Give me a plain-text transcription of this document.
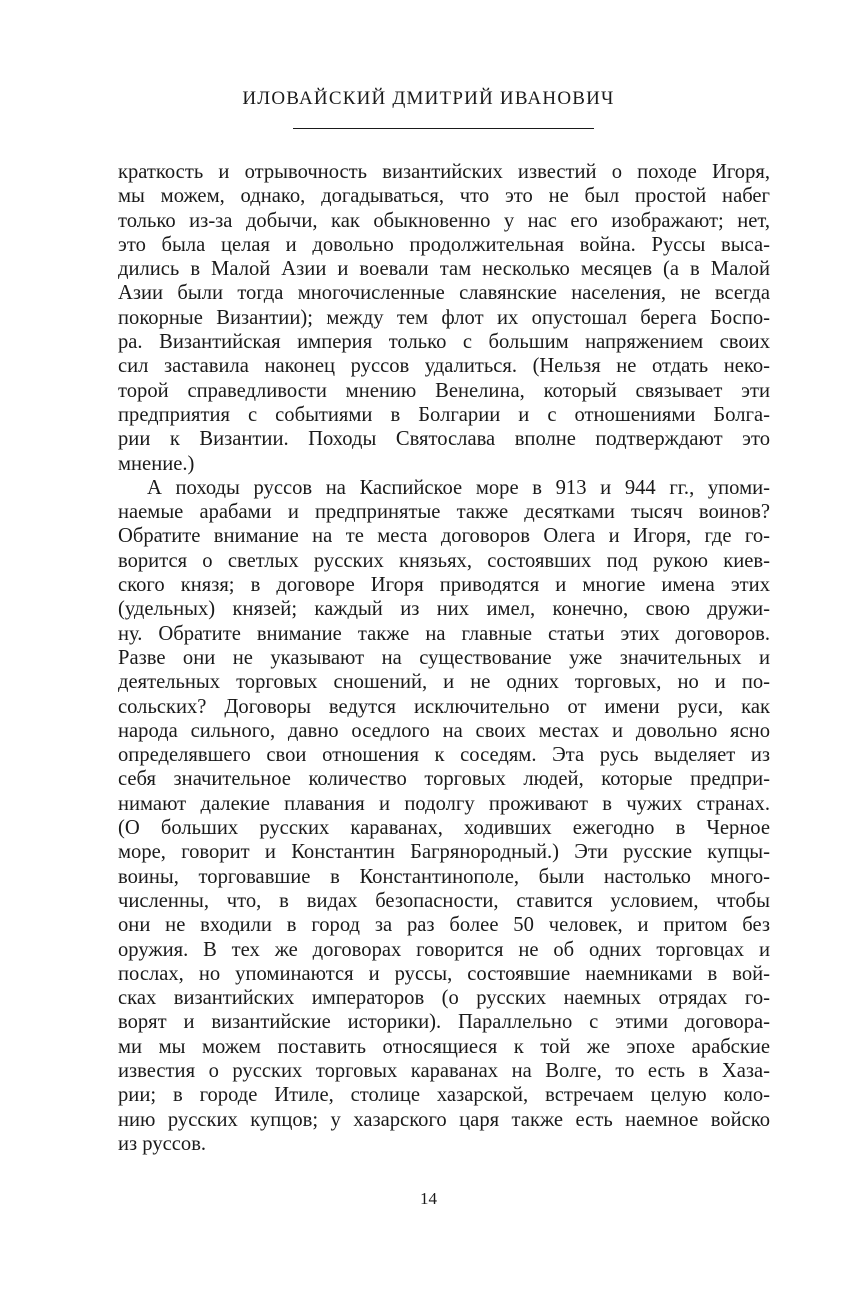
ИЛОВАЙСКИЙ ДМИТРИЙ ИВАНОВИЧ
краткость и отрывочность византийских известий о походе Игоря,
мы можем, однако, догадываться, что это не был простой набег
только из-за добычи, как обыкновенно у нас его изображают; нет,
это была целая и довольно продолжительная война. Руссы выса-
дились в Малой Азии и воевали там несколько месяцев (а в Малой
Азии были тогда многочисленные славянские населения, не всегда
покорные Византии); между тем флот их опустошал берега Боспо-
ра. Византийская империя только с большим напряжением своих
сил заставила наконец руссов удалиться. (Нельзя не отдать неко-
торой справедливости мнению Венелина, который связывает эти
предприятия с событиями в Болгарии и с отношениями Болга-
рии к Византии. Походы Святослава вполне подтверждают это
мнение.)
А походы руссов на Каспийское море в 913 и 944 гг., упоми-
наемые арабами и предпринятые также десятками тысяч воинов?
Обратите внимание на те места договоров Олега и Игоря, где го-
ворится о светлых русских князьях, состоявших под рукою киев-
ского князя; в договоре Игоря приводятся и многие имена этих
(удельных) князей; каждый из них имел, конечно, свою дружи-
ну. Обратите внимание также на главные статьи этих договоров.
Разве они не указывают на существование уже значительных и
деятельных торговых сношений, и не одних торговых, но и по-
сольских? Договоры ведутся исключительно от имени руси, как
народа сильного, давно оседлого на своих местах и довольно ясно
определявшего свои отношения к соседям. Эта русь выделяет из
себя значительное количество торговых людей, которые предпри-
нимают далекие плавания и подолгу проживают в чужих странах.
(О больших русских караванах, ходивших ежегодно в Черное
море, говорит и Константин Багрянородный.) Эти русские купцы-
воины, торговавшие в Константинополе, были настолько много-
численны, что, в видах безопасности, ставится условием, чтобы
они не входили в город за раз более 50 человек, и притом без
оружия. В тех же договорах говорится не об одних торговцах и
послах, но упоминаются и руссы, состоявшие наемниками в вой-
сках византийских императоров (о русских наемных отрядах го-
ворят и византийские историки). Параллельно с этими договора-
ми мы можем поставить относящиеся к той же эпохе арабские
известия о русских торговых караванах на Волге, то есть в Хаза-
рии; в городе Итиле, столице хазарской, встречаем целую коло-
нию русских купцов; у хазарского царя также есть наемное войско
из руссов.
14
